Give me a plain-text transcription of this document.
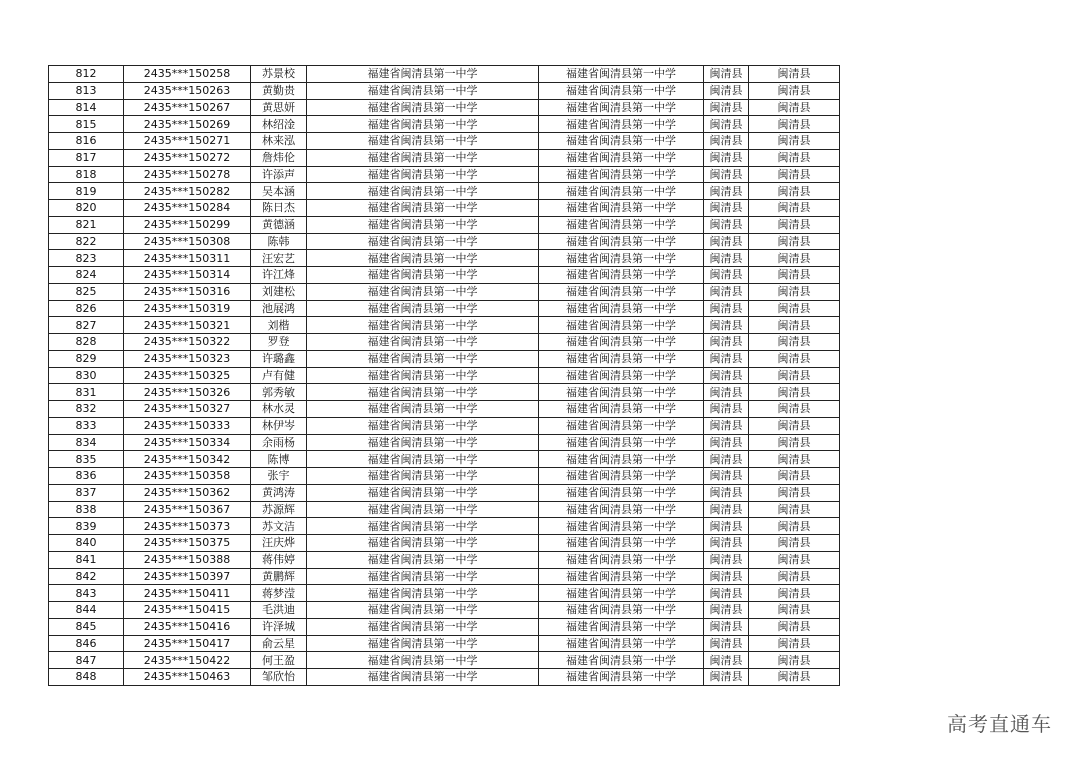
812	2435***150258	苏景校	福建省闽清县第一中学	福建省闽清县第一中学	闽清县	闽清县
813	2435***150263	黄勤贵	福建省闽清县第一中学	福建省闽清县第一中学	闽清县	闽清县
814	2435***150267	黄思妍	福建省闽清县第一中学	福建省闽清县第一中学	闽清县	闽清县
815	2435***150269	林绍淦	福建省闽清县第一中学	福建省闽清县第一中学	闽清县	闽清县
816	2435***150271	林来泓	福建省闽清县第一中学	福建省闽清县第一中学	闽清县	闽清县
817	2435***150272	詹炜伦	福建省闽清县第一中学	福建省闽清县第一中学	闽清县	闽清县
818	2435***150278	许添声	福建省闽清县第一中学	福建省闽清县第一中学	闽清县	闽清县
819	2435***150282	吴本涵	福建省闽清县第一中学	福建省闽清县第一中学	闽清县	闽清县
820	2435***150284	陈日杰	福建省闽清县第一中学	福建省闽清县第一中学	闽清县	闽清县
821	2435***150299	黄德涵	福建省闽清县第一中学	福建省闽清县第一中学	闽清县	闽清县
822	2435***150308	陈韩	福建省闽清县第一中学	福建省闽清县第一中学	闽清县	闽清县
823	2435***150311	汪宏艺	福建省闽清县第一中学	福建省闽清县第一中学	闽清县	闽清县
824	2435***150314	许江烽	福建省闽清县第一中学	福建省闽清县第一中学	闽清县	闽清县
825	2435***150316	刘建松	福建省闽清县第一中学	福建省闽清县第一中学	闽清县	闽清县
826	2435***150319	池展鸿	福建省闽清县第一中学	福建省闽清县第一中学	闽清县	闽清县
827	2435***150321	刘楷	福建省闽清县第一中学	福建省闽清县第一中学	闽清县	闽清县
828	2435***150322	罗登	福建省闽清县第一中学	福建省闽清县第一中学	闽清县	闽清县
829	2435***150323	许璐鑫	福建省闽清县第一中学	福建省闽清县第一中学	闽清县	闽清县
830	2435***150325	卢有健	福建省闽清县第一中学	福建省闽清县第一中学	闽清县	闽清县
831	2435***150326	郭秀敏	福建省闽清县第一中学	福建省闽清县第一中学	闽清县	闽清县
832	2435***150327	林水灵	福建省闽清县第一中学	福建省闽清县第一中学	闽清县	闽清县
833	2435***150333	林伊岑	福建省闽清县第一中学	福建省闽清县第一中学	闽清县	闽清县
834	2435***150334	余雨杨	福建省闽清县第一中学	福建省闽清县第一中学	闽清县	闽清县
835	2435***150342	陈博	福建省闽清县第一中学	福建省闽清县第一中学	闽清县	闽清县
836	2435***150358	张宇	福建省闽清县第一中学	福建省闽清县第一中学	闽清县	闽清县
837	2435***150362	黄鸿涛	福建省闽清县第一中学	福建省闽清县第一中学	闽清县	闽清县
838	2435***150367	苏源辉	福建省闽清县第一中学	福建省闽清县第一中学	闽清县	闽清县
839	2435***150373	苏文洁	福建省闽清县第一中学	福建省闽清县第一中学	闽清县	闽清县
840	2435***150375	汪庆烨	福建省闽清县第一中学	福建省闽清县第一中学	闽清县	闽清县
841	2435***150388	蒋伟婷	福建省闽清县第一中学	福建省闽清县第一中学	闽清县	闽清县
842	2435***150397	黄鹏辉	福建省闽清县第一中学	福建省闽清县第一中学	闽清县	闽清县
843	2435***150411	蒋梦滢	福建省闽清县第一中学	福建省闽清县第一中学	闽清县	闽清县
844	2435***150415	毛洪迪	福建省闽清县第一中学	福建省闽清县第一中学	闽清县	闽清县
845	2435***150416	许泽城	福建省闽清县第一中学	福建省闽清县第一中学	闽清县	闽清县
846	2435***150417	俞云星	福建省闽清县第一中学	福建省闽清县第一中学	闽清县	闽清县
847	2435***150422	何王盈	福建省闽清县第一中学	福建省闽清县第一中学	闽清县	闽清县
848	2435***150463	邹欣怡	福建省闽清县第一中学	福建省闽清县第一中学	闽清县	闽清县
高考直通车
